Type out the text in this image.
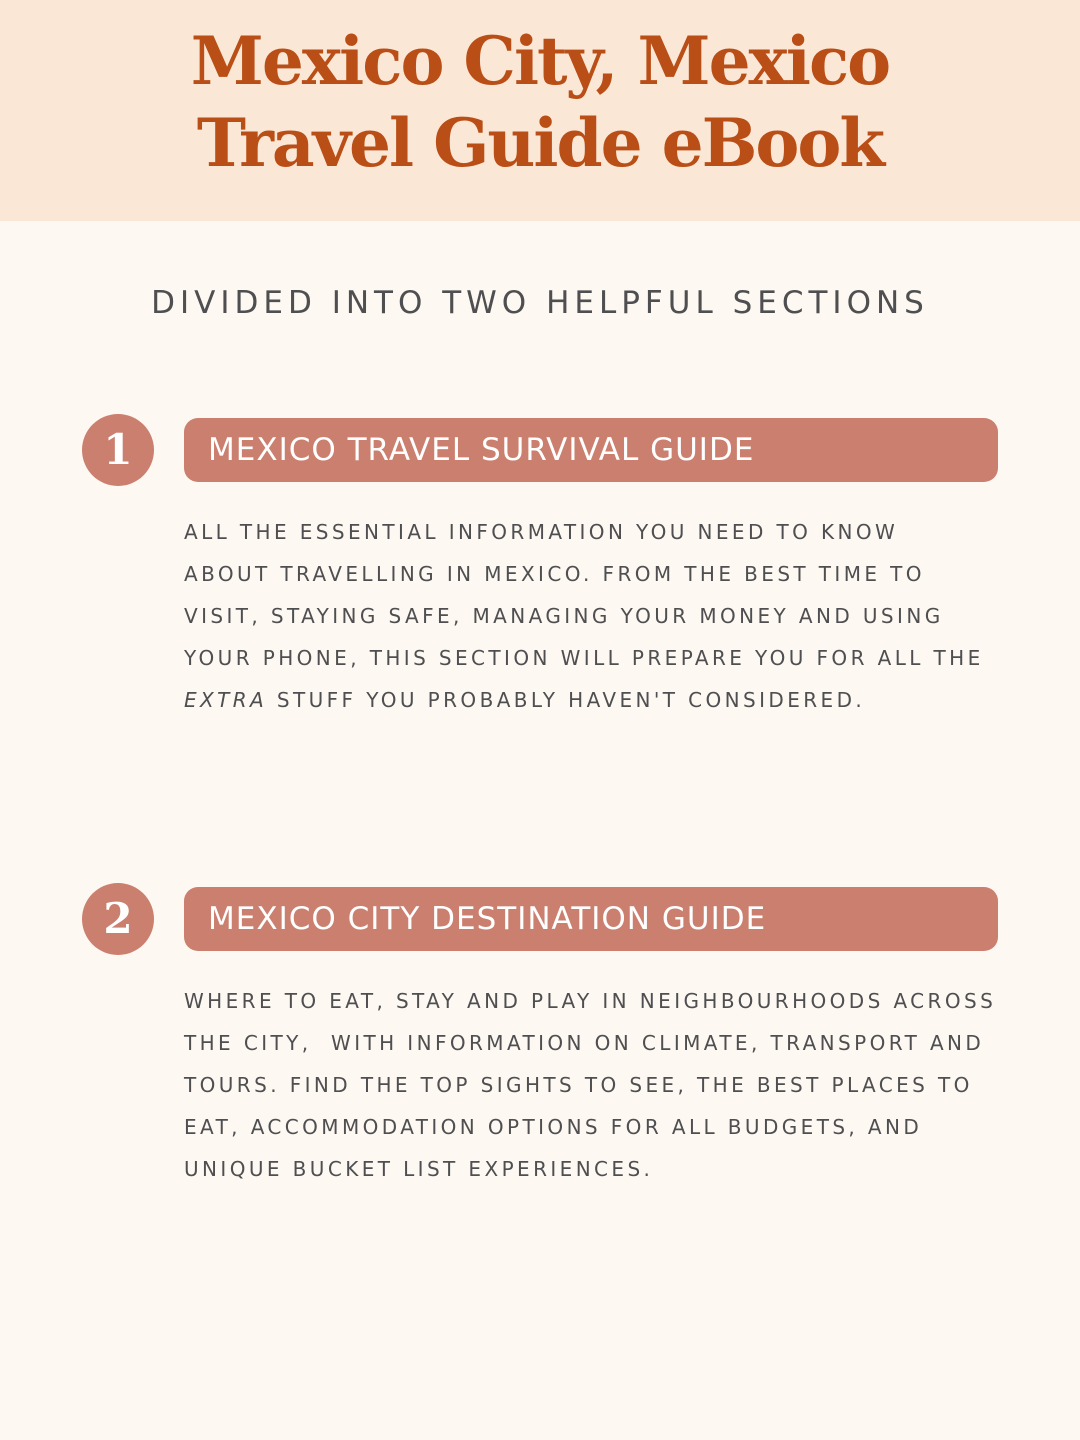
Mexico City, Mexico
Travel Guide eBook
DIVIDED INTO TWO HELPFUL SECTIONS
1	MEXICO TRAVEL SURVIVAL GUIDE
ALL THE ESSENTIAL INFORMATION YOU NEED TO KNOW
ABOUT TRAVELLING IN MEXICO. FROM THE BEST TIME TO
VISIT, STAYING SAFE, MANAGING YOUR MONEY AND USING
YOUR PHONE, THIS SECTION WILL PREPARE YOU FOR ALL THE
EXTRA STUFF YOU PROBABLY HAVEN'T CONSIDERED.
2	MEXICO CITY DESTINATION GUIDE
WHERE TO EAT, STAY AND PLAY IN NEIGHBOURHOODS ACROSS
THE CITY,  WITH INFORMATION ON CLIMATE, TRANSPORT AND
TOURS. FIND THE TOP SIGHTS TO SEE, THE BEST PLACES TO
EAT, ACCOMMODATION OPTIONS FOR ALL BUDGETS, AND
UNIQUE BUCKET LIST EXPERIENCES.
